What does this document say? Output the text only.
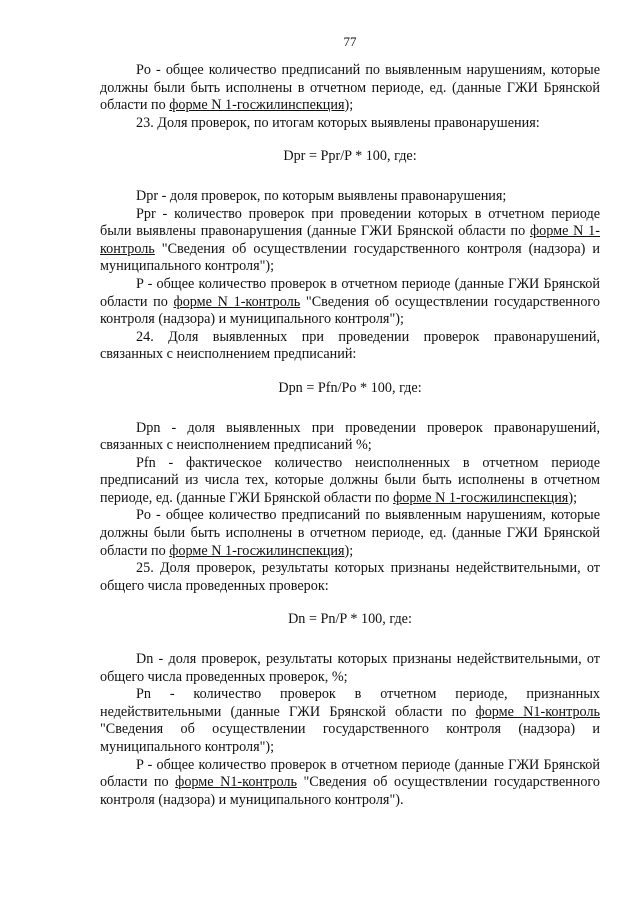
77

Po - общее количество предписаний по выявленным нарушениям, которые должны были быть исполнены в отчетном периоде, ед. (данные ГЖИ Брянской области по форме N 1-госжилинспекция);

23. Доля проверок, по итогам которых выявлены правонарушения:

Dpr = Ppr/P * 100, где:

Dpr - доля проверок, по которым выявлены правонарушения;

Ppr - количество проверок при проведении которых в отчетном периоде были выявлены правонарушения (данные ГЖИ Брянской области по форме N 1-контроль "Сведения об осуществлении государственного контроля (надзора) и муниципального контроля");

P - общее количество проверок в отчетном периоде (данные ГЖИ Брянской области по форме N 1-контроль "Сведения об осуществлении государственного контроля (надзора) и муниципального контроля");

24. Доля выявленных при проведении проверок правонарушений, связанных с неисполнением предписаний:

Dpn = Pfn/Po * 100, где:

Dpn - доля выявленных при проведении проверок правонарушений, связанных с неисполнением предписаний %;

Pfn - фактическое количество неисполненных в отчетном периоде предписаний из числа тех, которые должны были быть исполнены в отчетном периоде, ед. (данные ГЖИ Брянской области по форме N 1-госжилинспекция);

Po - общее количество предписаний по выявленным нарушениям, которые должны были быть исполнены в отчетном периоде, ед. (данные ГЖИ Брянской области по форме N 1-госжилинспекция);

25. Доля проверок, результаты которых признаны недействительными, от общего числа проведенных проверок:

Dn = Pn/P * 100, где:

Dn - доля проверок, результаты которых признаны недействительными, от общего числа проведенных проверок, %;

Pn - количество проверок в отчетном периоде, признанных недействительными (данные ГЖИ Брянской области по форме N1-контроль "Сведения об осуществлении государственного контроля (надзора) и муниципального контроля");

P - общее количество проверок в отчетном периоде (данные ГЖИ Брянской области по форме N1-контроль "Сведения об осуществлении государственного контроля (надзора) и муниципального контроля").
